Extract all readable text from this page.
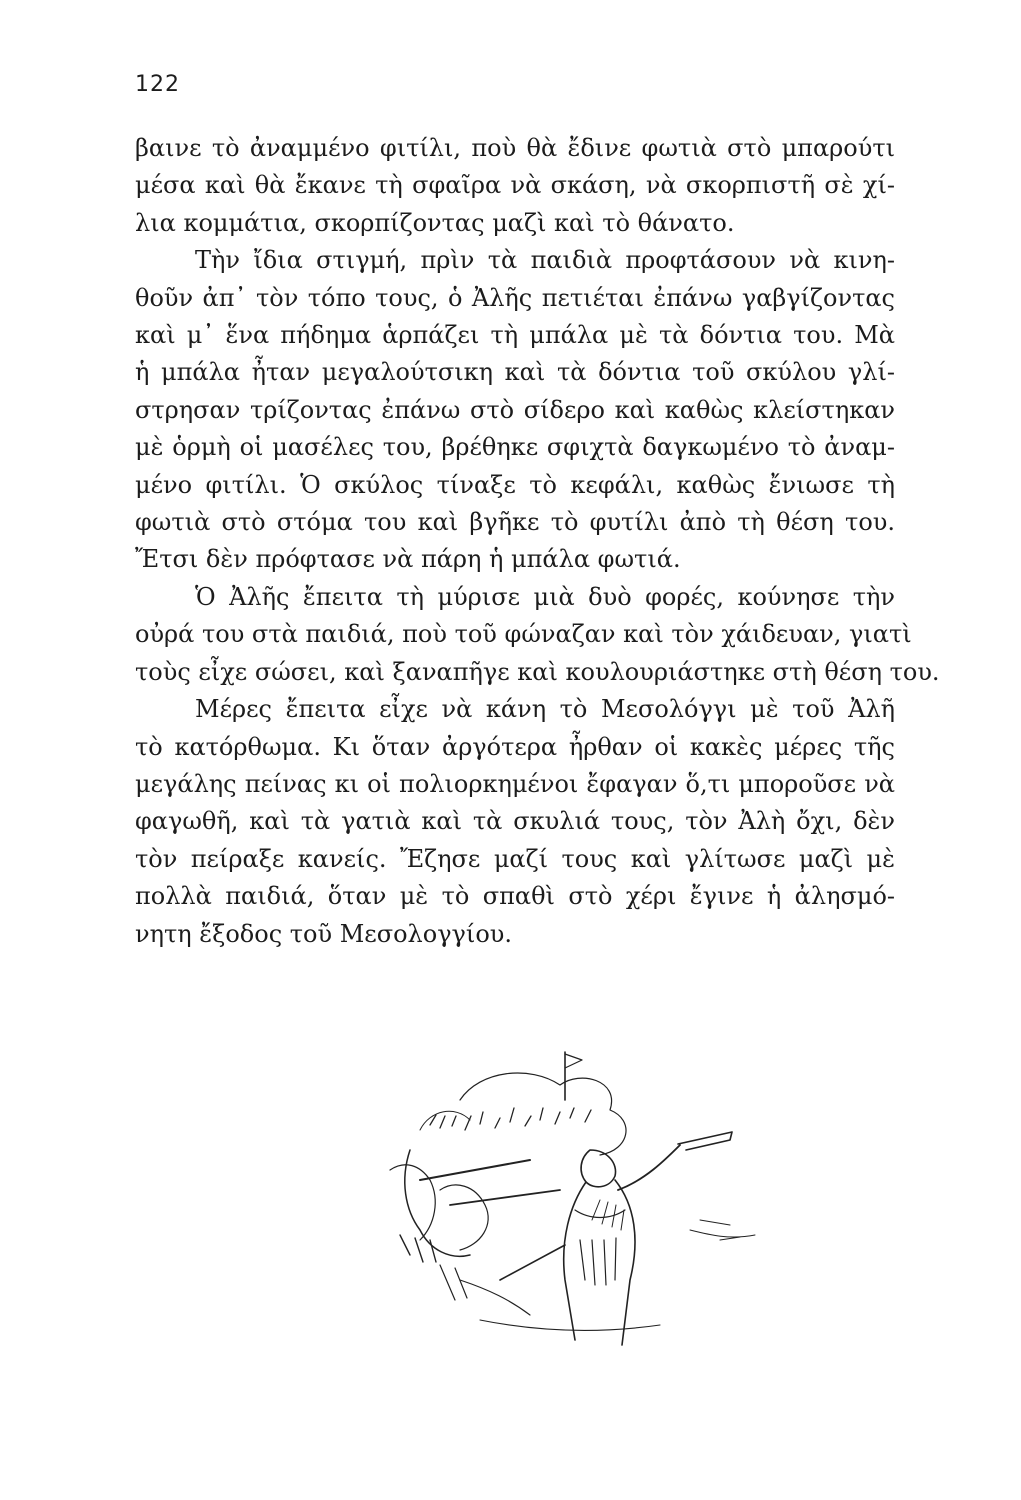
122
βαινε τὸ ἀναμμένο φιτίλι, ποὺ θὰ ἔδινε φωτιὰ στὸ μπαρούτι
μέσα καὶ θὰ ἔκανε τὴ σφαῖρα νὰ σκάση, νὰ σκορπιστῆ σὲ χί-
λια κομμάτια, σκορπίζοντας μαζὶ καὶ τὸ θάνατο.
Τὴν ἴδια στιγμή, πρὶν τὰ παιδιὰ προφτάσουν νὰ κινη-
θοῦν ἀπ᾽ τὸν τόπο τους, ὁ Ἀλῆς πετιέται ἐπάνω γαβγίζοντας
καὶ μ᾽ ἕνα πήδημα ἁρπάζει τὴ μπάλα μὲ τὰ δόντια του. Μὰ
ἡ μπάλα ἦταν μεγαλούτσικη καὶ τὰ δόντια τοῦ σκύλου γλί-
στρησαν τρίζοντας ἐπάνω στὸ σίδερο καὶ καθὼς κλείστηκαν
μὲ ὁρμὴ οἱ μασέλες του, βρέθηκε σφιχτὰ δαγκωμένο τὸ ἀναμ-
μένο φιτίλι. Ὁ σκύλος τίναξε τὸ κεφάλι, καθὼς ἔνιωσε τὴ
φωτιὰ στὸ στόμα του καὶ βγῆκε τὸ φυτίλι ἀπὸ τὴ θέση του.
Ἔτσι δὲν πρόφτασε νὰ πάρη ἡ μπάλα φωτιά.
Ὁ Ἀλῆς ἔπειτα τὴ μύρισε μιὰ δυὸ φορές, κούνησε τὴν
οὐρά του στὰ παιδιά, ποὺ τοῦ φώναζαν καὶ τὸν χάιδευαν, γιατὶ
τοὺς εἶχε σώσει, καὶ ξαναπῆγε καὶ κουλουριάστηκε στὴ θέση του.
Μέρες ἔπειτα εἶχε νὰ κάνη τὸ Μεσολόγγι μὲ τοῦ Ἀλῆ
τὸ κατόρθωμα. Κι ὅταν ἀργότερα ἦρθαν οἱ κακὲς μέρες τῆς
μεγάλης πείνας κι οἱ πολιορκημένοι ἔφαγαν ὅ,τι μποροῦσε νὰ
φαγωθῆ, καὶ τὰ γατιὰ καὶ τὰ σκυλιά τους, τὸν Ἀλὴ ὄχι, δὲν
τὸν πείραξε κανείς. Ἔζησε μαζί τους καὶ γλίτωσε μαζὶ μὲ
πολλὰ παιδιά, ὅταν μὲ τὸ σπαθὶ στὸ χέρι ἔγινε ἡ ἀλησμό-
νητη ἔξοδος τοῦ Μεσολογγίου.
